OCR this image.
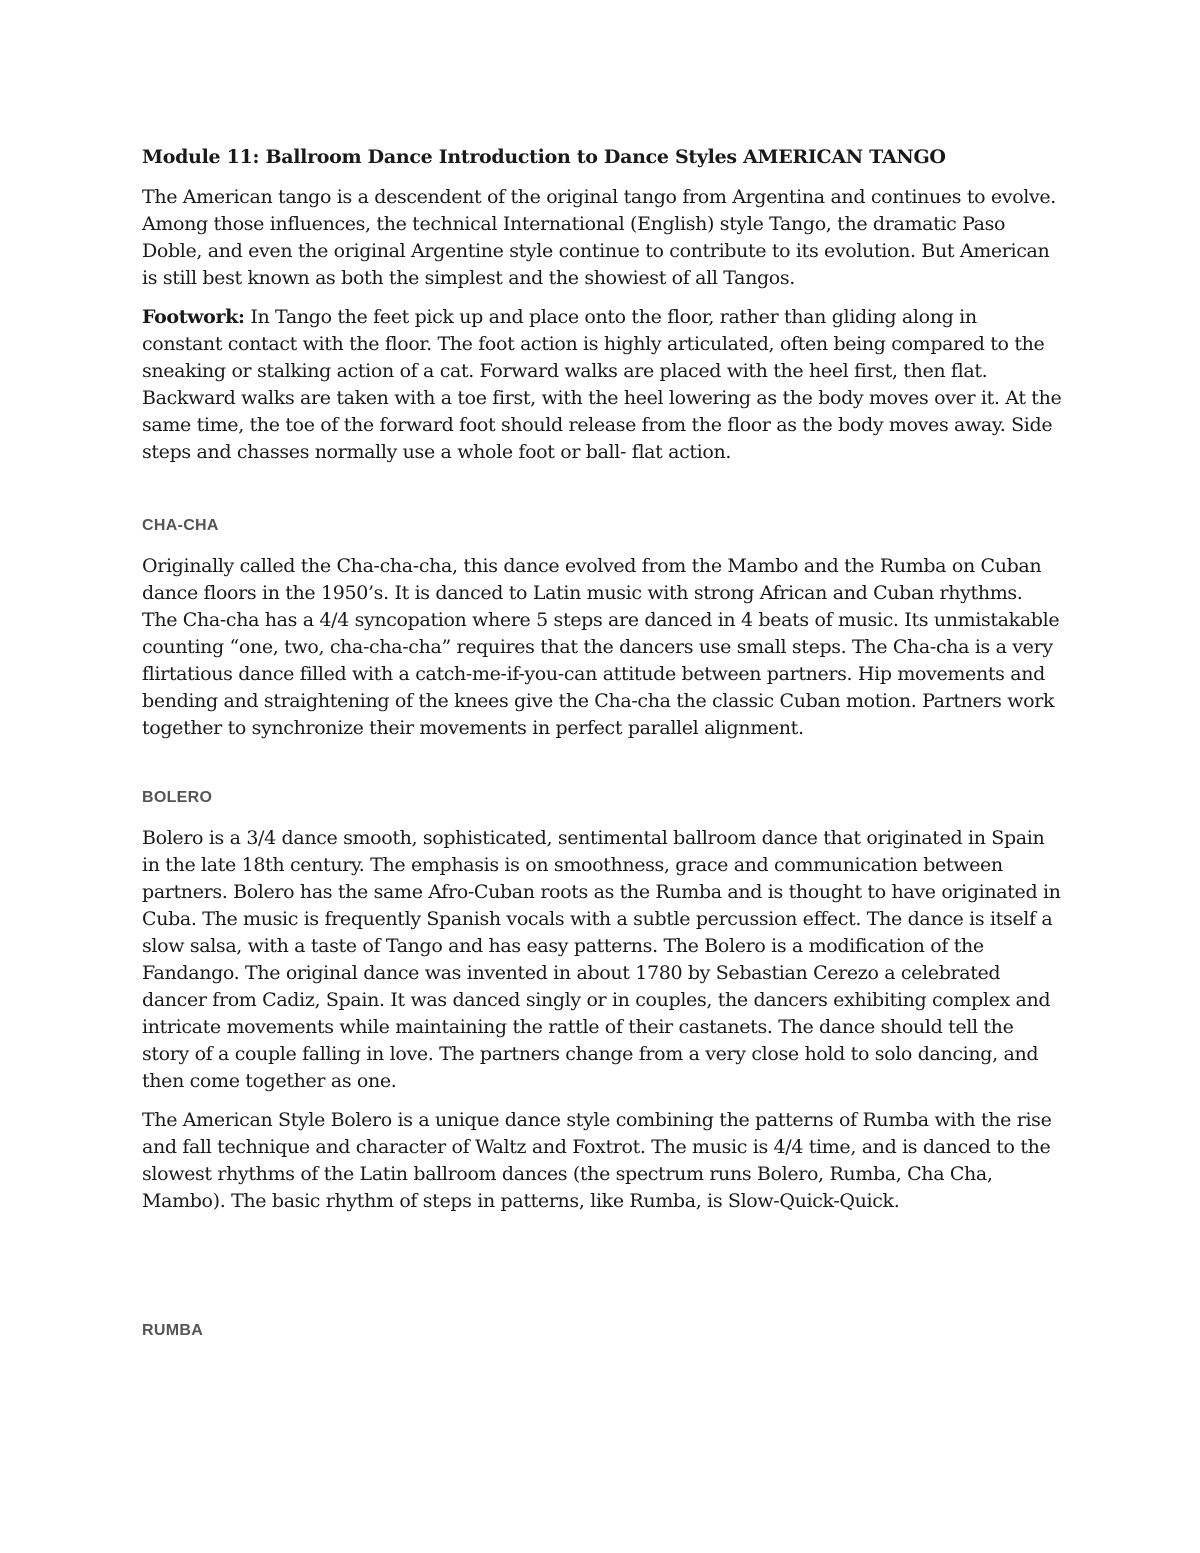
Module 11: Ballroom Dance Introduction to Dance Styles AMERICAN TANGO

The American tango is a descendent of the original tango from Argentina and continues to evolve. Among those influences, the technical International (English) style Tango, the dramatic Paso Doble, and even the original Argentine style continue to contribute to its evolution. But American is still best known as both the simplest and the showiest of all Tangos.

Footwork: In Tango the feet pick up and place onto the floor, rather than gliding along in constant contact with the floor. The foot action is highly articulated, often being compared to the sneaking or stalking action of a cat. Forward walks are placed with the heel first, then flat. Backward walks are taken with a toe first, with the heel lowering as the body moves over it. At the same time, the toe of the forward foot should release from the floor as the body moves away. Side steps and chasses normally use a whole foot or ball- flat action.

CHA-CHA

Originally called the Cha-cha-cha, this dance evolved from the Mambo and the Rumba on Cuban dance floors in the 1950’s. It is danced to Latin music with strong African and Cuban rhythms. The Cha-cha has a 4/4 syncopation where 5 steps are danced in 4 beats of music. Its unmistakable counting “one, two, cha-cha-cha” requires that the dancers use small steps. The Cha-cha is a very flirtatious dance filled with a catch-me-if-you-can attitude between partners. Hip movements and bending and straightening of the knees give the Cha-cha the classic Cuban motion. Partners work together to synchronize their movements in perfect parallel alignment.

BOLERO

Bolero is a 3/4 dance smooth, sophisticated, sentimental ballroom dance that originated in Spain in the late 18th century. The emphasis is on smoothness, grace and communication between partners. Bolero has the same Afro-Cuban roots as the Rumba and is thought to have originated in Cuba. The music is frequently Spanish vocals with a subtle percussion effect. The dance is itself a slow salsa, with a taste of Tango and has easy patterns. The Bolero is a modification of the Fandango. The original dance was invented in about 1780 by Sebastian Cerezo a celebrated dancer from Cadiz, Spain. It was danced singly or in couples, the dancers exhibiting complex and intricate movements while maintaining the rattle of their castanets. The dance should tell the story of a couple falling in love. The partners change from a very close hold to solo dancing, and then come together as one.

The American Style Bolero is a unique dance style combining the patterns of Rumba with the rise and fall technique and character of Waltz and Foxtrot. The music is 4/4 time, and is danced to the slowest rhythms of the Latin ballroom dances (the spectrum runs Bolero, Rumba, Cha Cha, Mambo). The basic rhythm of steps in patterns, like Rumba, is Slow-Quick-Quick.

RUMBA
